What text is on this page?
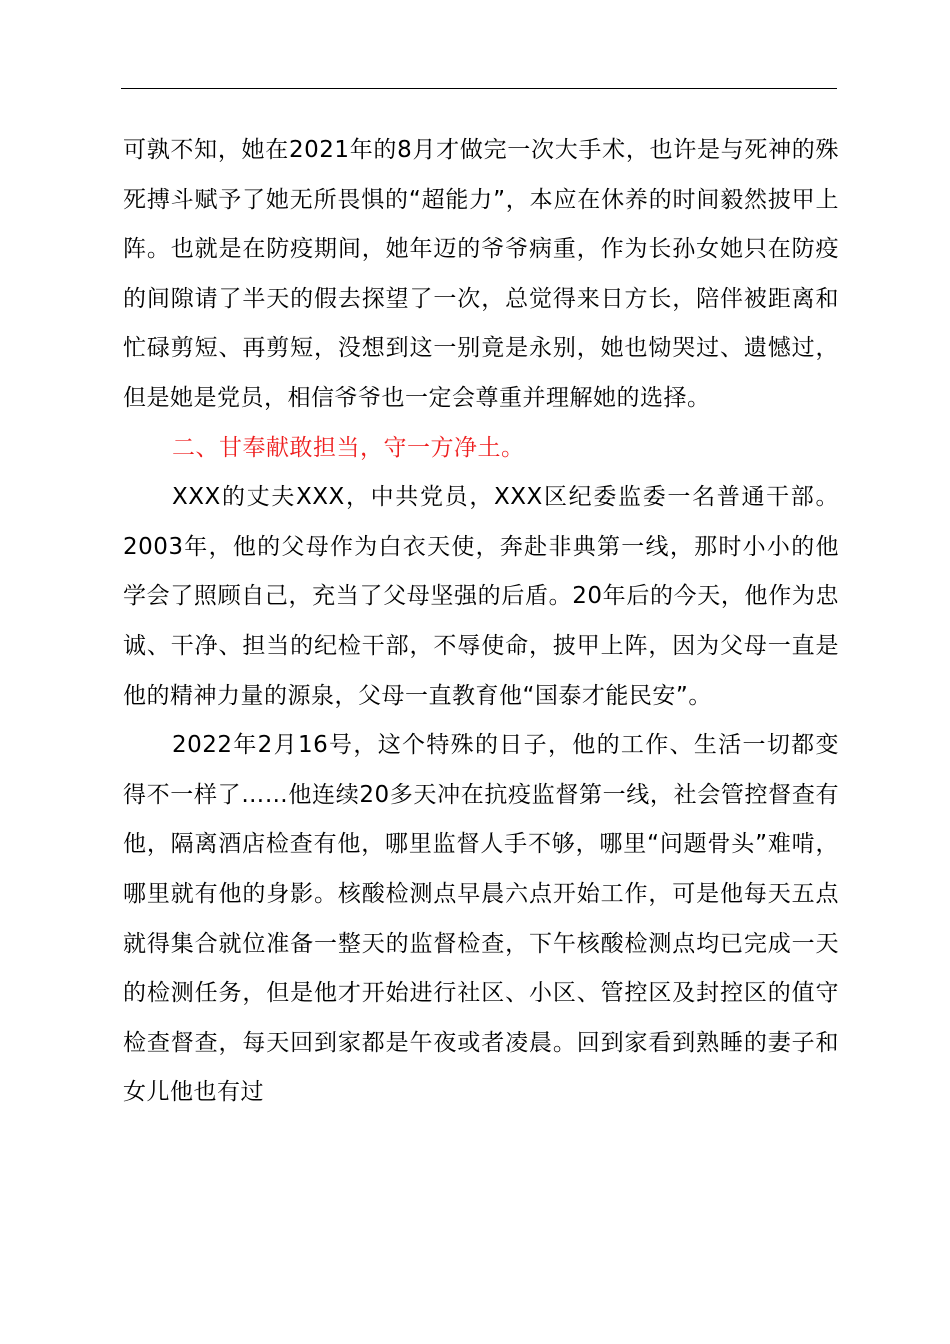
可孰不知，她在2021年的8月才做完一次大手术，也许是与死神的殊死搏斗赋予了她无所畏惧的“超能力”，本应在休养的时间毅然披甲上阵。也就是在防疫期间，她年迈的爷爷病重，作为长孙女她只在防疫的间隙请了半天的假去探望了一次，总觉得来日方长，陪伴被距离和忙碌剪短、再剪短，没想到这一别竟是永别，她也恸哭过、遗憾过，但是她是党员，相信爷爷也一定会尊重并理解她的选择。

二、甘奉献敢担当，守一方净土。

XXX的丈夫XXX，中共党员，XXX区纪委监委一名普通干部。2003年，他的父母作为白衣天使，奔赴非典第一线，那时小小的他学会了照顾自己，充当了父母坚强的后盾。20年后的今天，他作为忠诚、干净、担当的纪检干部，不辱使命，披甲上阵，因为父母一直是他的精神力量的源泉，父母一直教育他“国泰才能民安”。

2022年2月16号，这个特殊的日子，他的工作、生活一切都变得不一样了……他连续20多天冲在抗疫监督第一线，社会管控督查有他，隔离酒店检查有他，哪里监督人手不够，哪里“问题骨头”难啃，哪里就有他的身影。核酸检测点早晨六点开始工作，可是他每天五点就得集合就位准备一整天的监督检查，下午核酸检测点均已完成一天的检测任务，但是他才开始进行社区、小区、管控区及封控区的值守检查督查，每天回到家都是午夜或者凌晨。回到家看到熟睡的妻子和女儿他也有过
